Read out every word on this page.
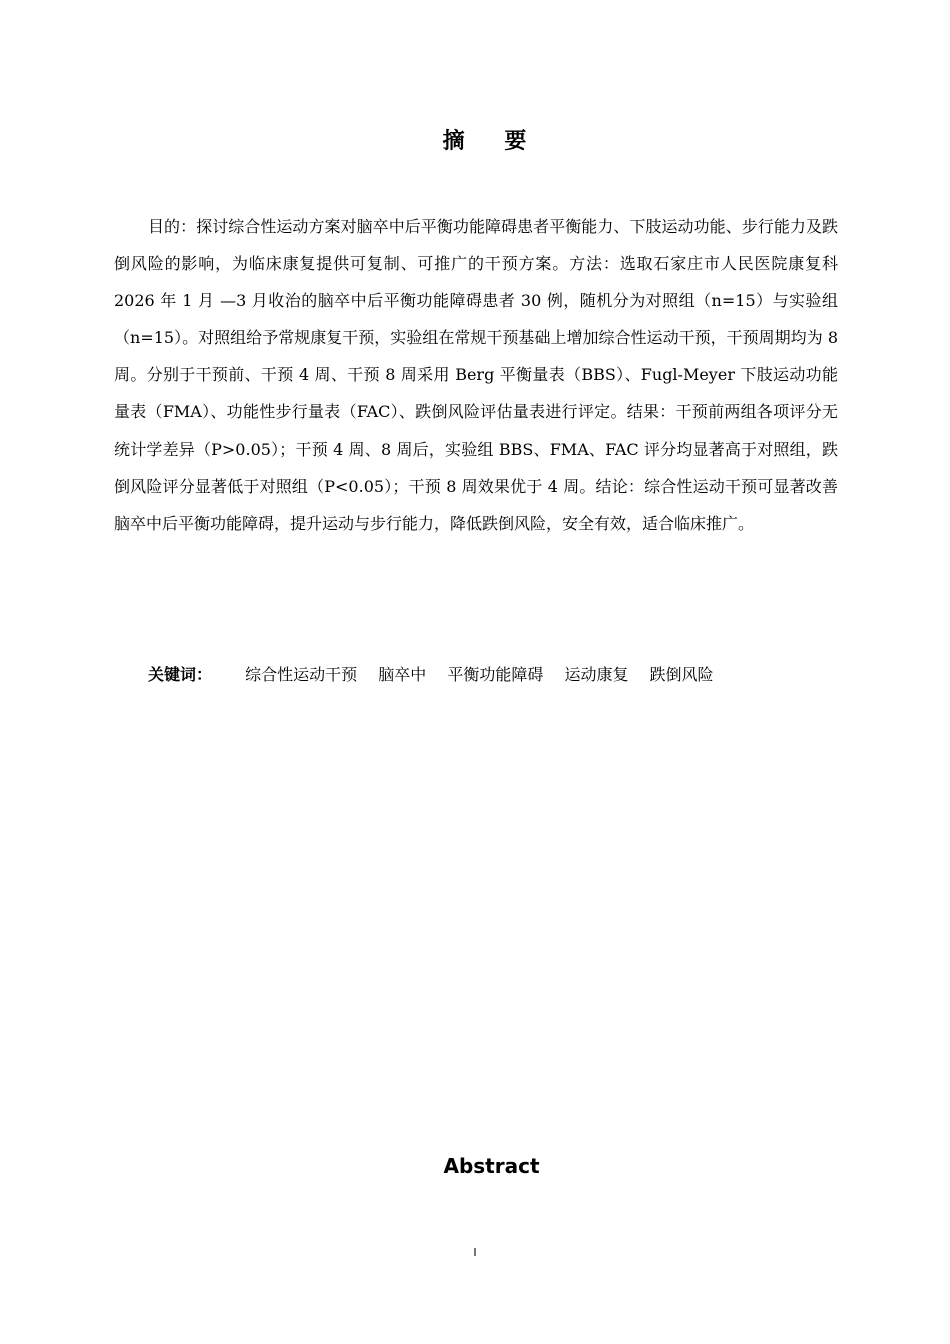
摘 要

目的：探讨综合性运动方案对脑卒中后平衡功能障碍患者平衡能力、下肢运动功能、步行能力及跌倒风险的影响，为临床康复提供可复制、可推广的干预方案。方法：选取石家庄市人民医院康复科 2026 年 1 月 —3 月收治的脑卒中后平衡功能障碍患者 30 例，随机分为对照组（n=15）与实验组（n=15）。对照组给予常规康复干预，实验组在常规干预基础上增加综合性运动干预，干预周期均为 8 周。分别于干预前、干预 4 周、干预 8 周采用 Berg 平衡量表（BBS）、Fugl-Meyer 下肢运动功能量表（FMA）、功能性步行量表（FAC）、跌倒风险评估量表进行评定。结果：干预前两组各项评分无统计学差异（P>0.05）；干预 4 周、8 周后，实验组 BBS、FMA、FAC 评分均显著高于对照组，跌倒风险评分显著低于对照组（P<0.05）；干预 8 周效果优于 4 周。结论：综合性运动干预可显著改善脑卒中后平衡功能障碍，提升运动与步行能力，降低跌倒风险，安全有效，适合临床推广。

关键词： 综合性运动干预 脑卒中 平衡功能障碍 运动康复 跌倒风险
Abstract
I
